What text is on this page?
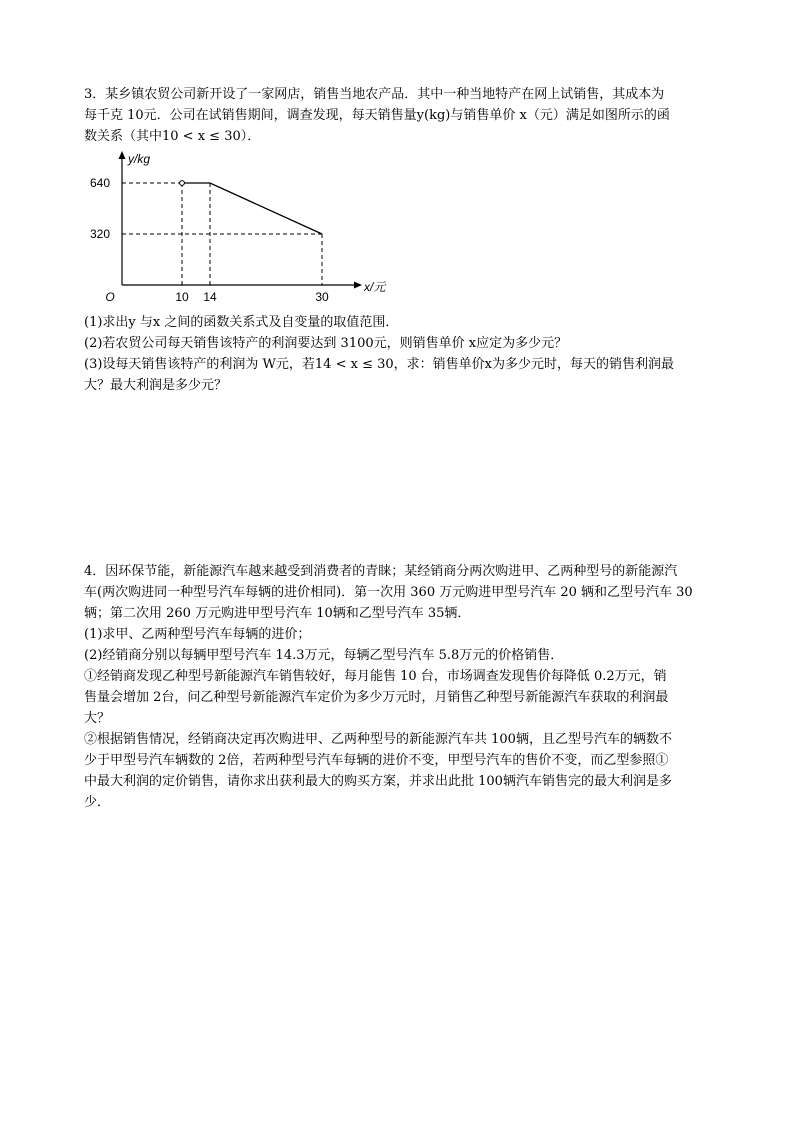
3．某乡镇农贸公司新开设了一家网店，销售当地农产品．其中一种当地特产在网上试销售，其成本为
每千克 10元．公司在试销售期间，调查发现，每天销售量y(kg)与销售单价 x（元）满足如图所示的函
数关系（其中10 < x ≤ 30）．
y/kg
x/元
O
640
320
10 14	30
(1)求出y 与x 之间的函数关系式及自变量的取值范围．
(2)若农贸公司每天销售该特产的利润要达到 3100元，则销售单价 x应定为多少元？
(3)设每天销售该特产的利润为 W元，若14 < x ≤ 30，求：销售单价x为多少元时，每天的销售利润最
大？最大利润是多少元？
4．因环保节能，新能源汽车越来越受到消费者的青睐；某经销商分两次购进甲、乙两种型号的新能源汽
车(两次购进同一种型号汽车每辆的进价相同)．第一次用 360 万元购进甲型号汽车 20 辆和乙型号汽车 30
辆；第二次用 260 万元购进甲型号汽车 10辆和乙型号汽车 35辆．
(1)求甲、乙两种型号汽车每辆的进价；
(2)经销商分别以每辆甲型号汽车 14.3万元，每辆乙型号汽车 5.8万元的价格销售．
①经销商发现乙种型号新能源汽车销售较好，每月能售 10 台，市场调查发现售价每降低 0.2万元，销
售量会增加 2台，问乙种型号新能源汽车定价为多少万元时，月销售乙种型号新能源汽车获取的利润最
大？
②根据销售情况，经销商决定再次购进甲、乙两种型号的新能源汽车共 100辆，且乙型号汽车的辆数不
少于甲型号汽车辆数的 2倍，若两种型号汽车每辆的进价不变，甲型号汽车的售价不变，而乙型参照①
中最大利润的定价销售，请你求出获利最大的购买方案，并求出此批 100辆汽车销售完的最大利润是多
少．
